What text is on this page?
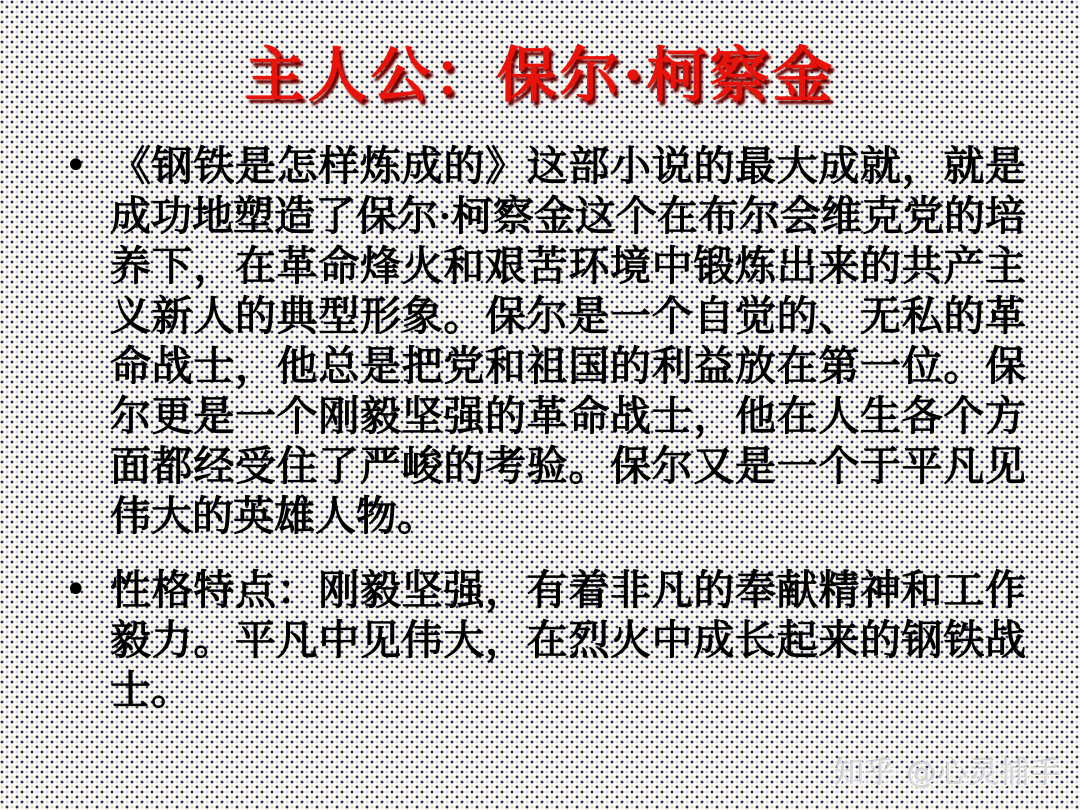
主人公：保尔·柯察金
• 《钢铁是怎样炼成的》这部小说的最大成就，就是成功地塑造了保尔·柯察金这个在布尔会维克党的培养下，在革命烽火和艰苦环境中锻炼出来的共产主义新人的典型形象。保尔是一个自觉的、无私的革命战士，他总是把党和祖国的利益放在第一位。保尔更是一个刚毅坚强的革命战士，他在人生各个方面都经受住了严峻的考验。保尔又是一个于平凡见伟大的英雄人物。

• 性格特点：刚毅坚强，有着非凡的奉献精神和工作毅力。平凡中见伟大，在烈火中成长起来的钢铁战士。

知乎 @心灵捕手
